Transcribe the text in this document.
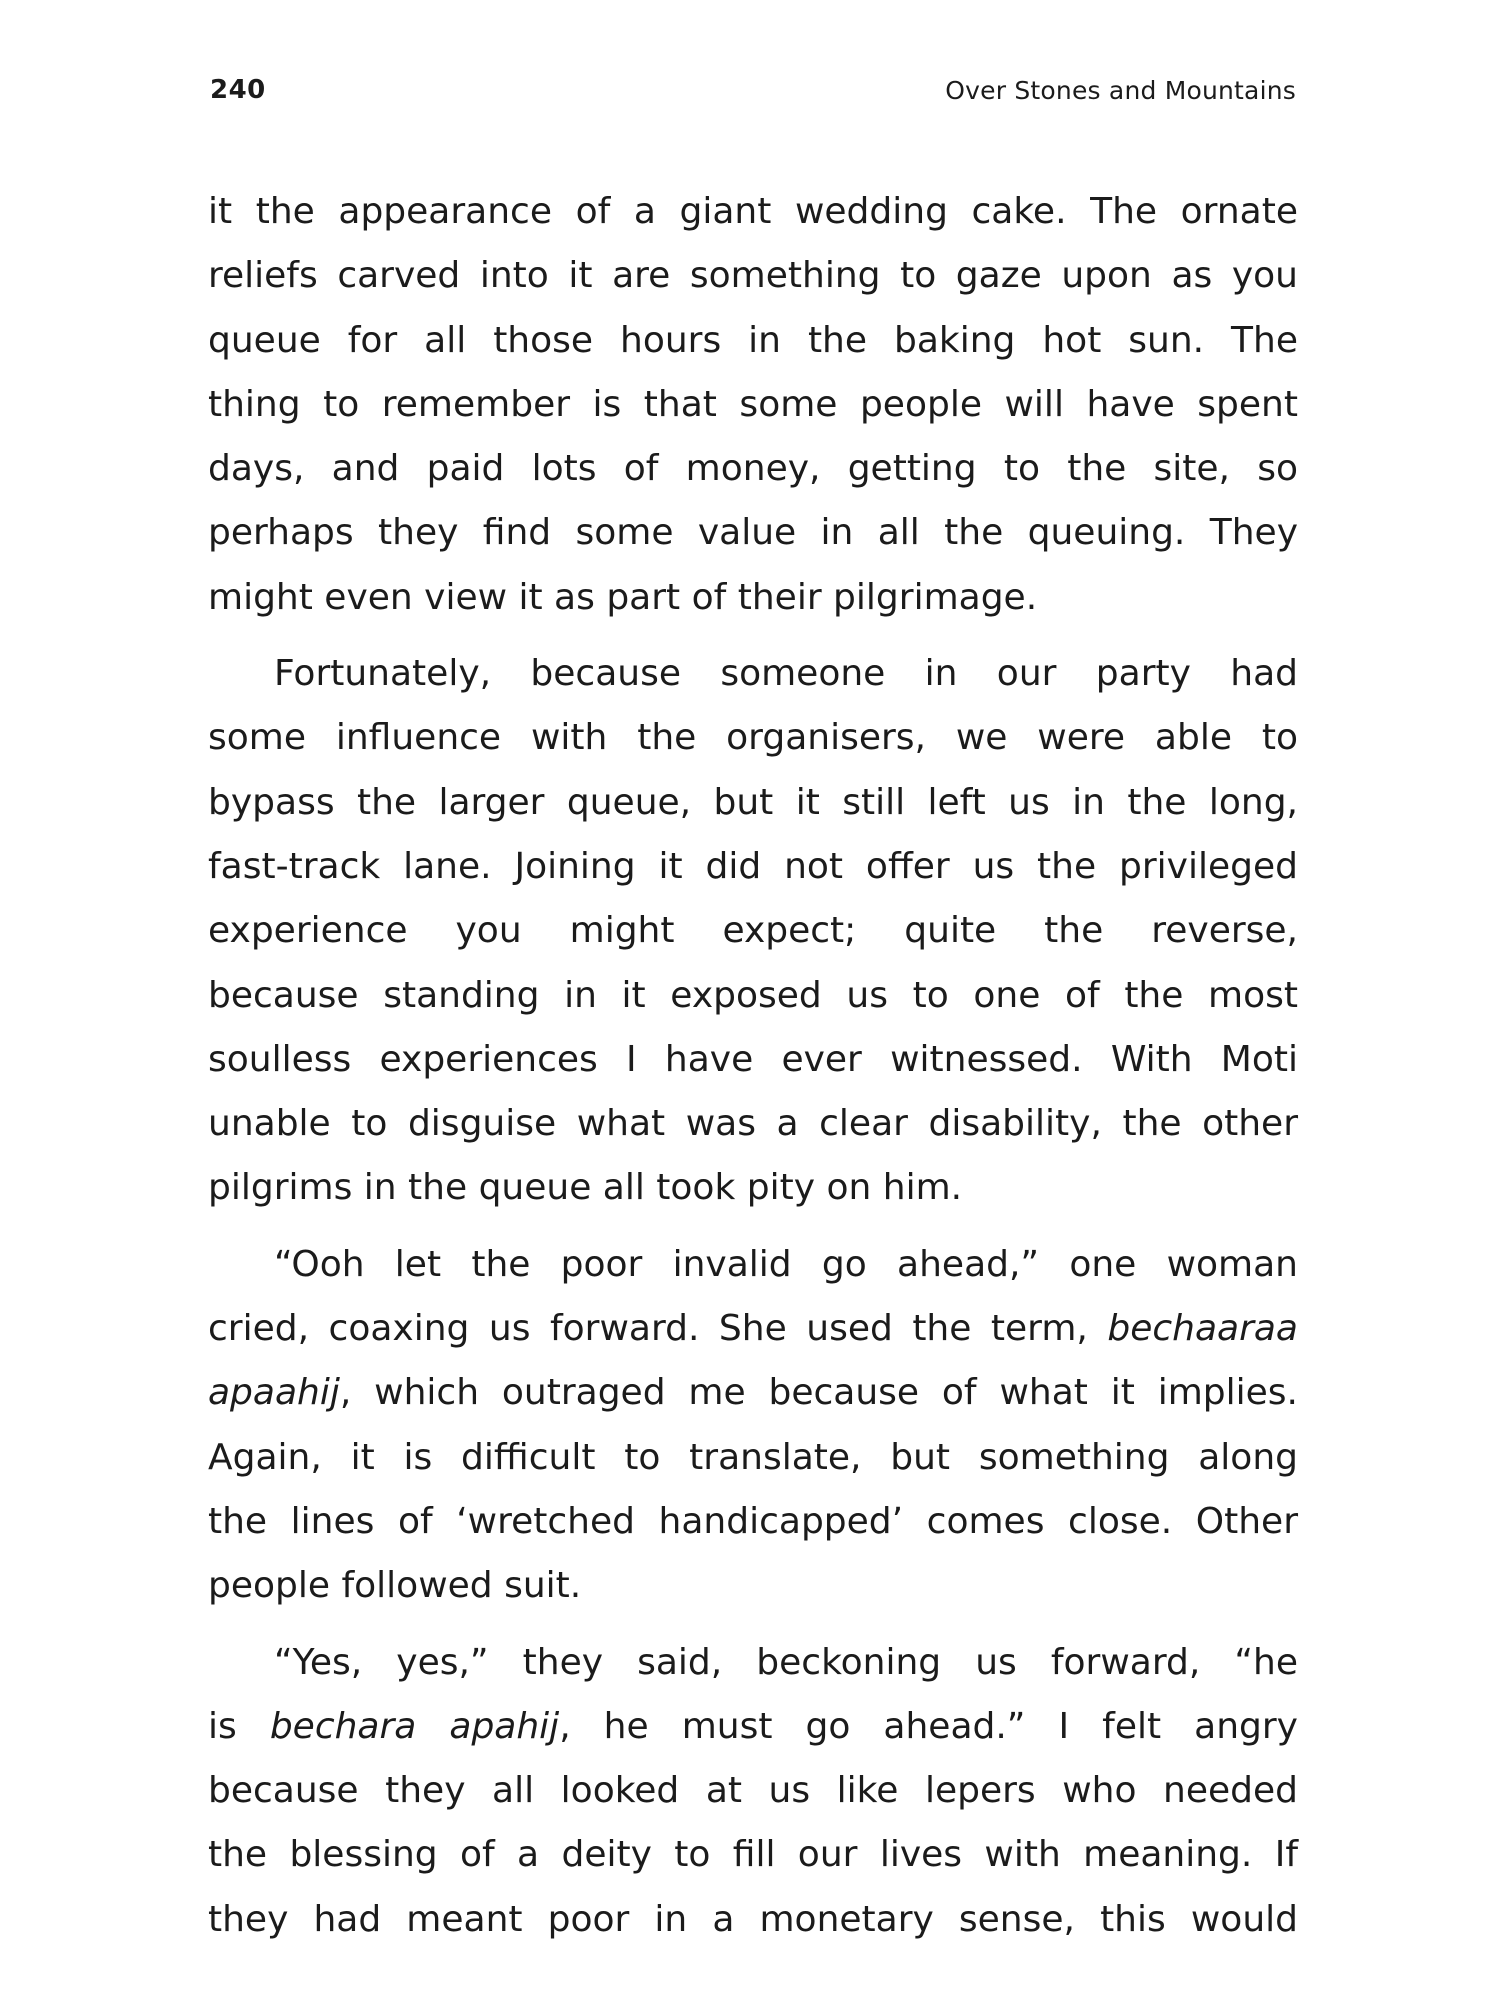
240	Over Stones and Mountains
it the appearance of a giant wedding cake. The ornate
reliefs carved into it are something to gaze upon as you
queue for all those hours in the baking hot sun. The
thing to remember is that some people will have spent
days, and paid lots of money, getting to the site, so
perhaps they find some value in all the queuing. They
might even view it as part of their pilgrimage.
Fortunately, because someone in our party had
some influence with the organisers, we were able to
bypass the larger queue, but it still left us in the long,
fast-track lane. Joining it did not offer us the privileged
experience you might expect; quite the reverse,
because standing in it exposed us to one of the most
soulless experiences I have ever witnessed. With Moti
unable to disguise what was a clear disability, the other
pilgrims in the queue all took pity on him.
“Ooh let the poor invalid go ahead,” one woman
cried, coaxing us forward. She used the term, bechaaraa
apaahij, which outraged me because of what it implies.
Again, it is difficult to translate, but something along
the lines of ‘wretched handicapped’ comes close. Other
people followed suit.
“Yes, yes,” they said, beckoning us forward, “he
is bechara apahij, he must go ahead.” I felt angry
because they all looked at us like lepers who needed
the blessing of a deity to fill our lives with meaning. If
they had meant poor in a monetary sense, this would
